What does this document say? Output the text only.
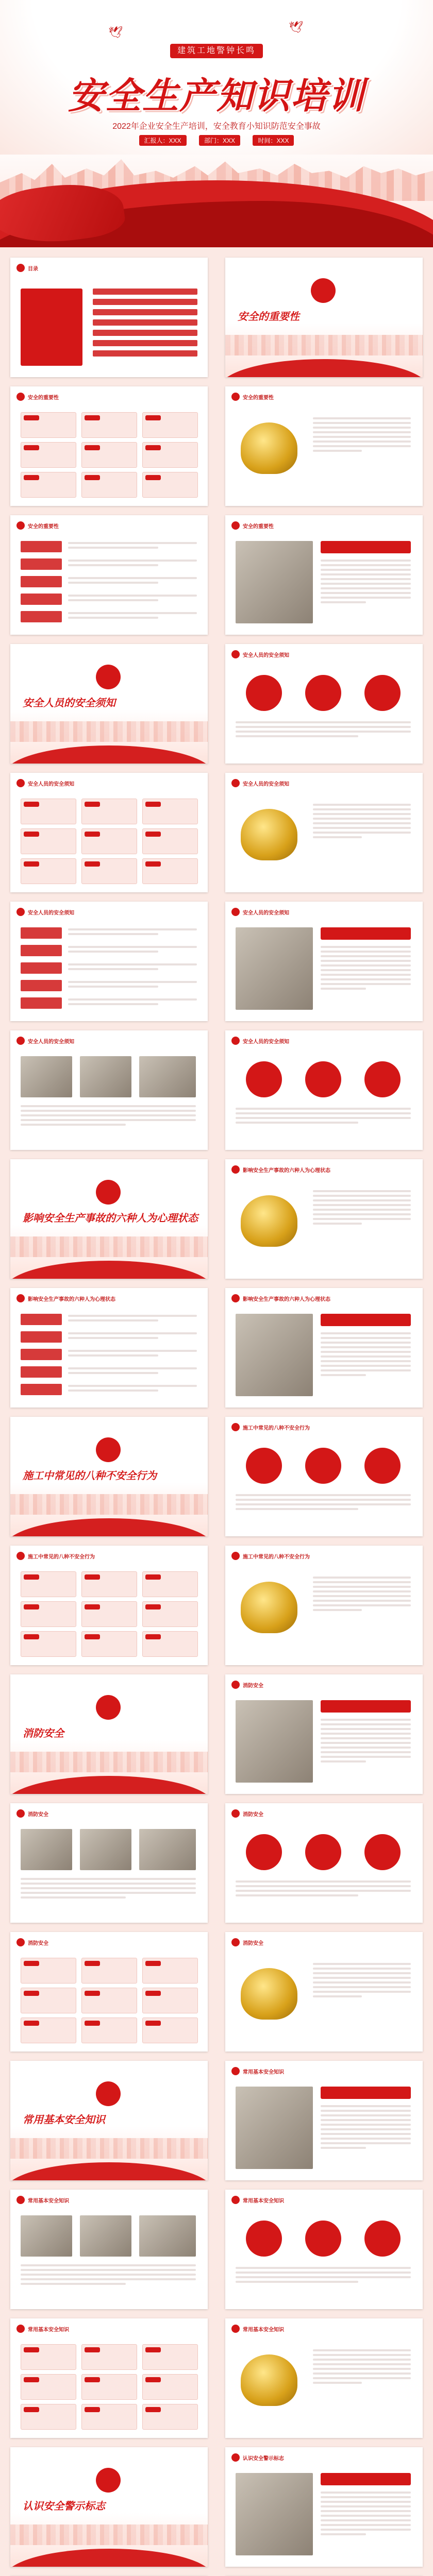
🕊	🕊
建筑工地警钟长鸣
安全生产知识培训
2022年企业安全生产培训，安全教育小知识防范安全事故
汇报人：XXX	部门：XXX	时间：XXX
目录
安全的重要性
安全的重要性	安全的重要性
安全的重要性	安全的重要性
安全人员的安全须知
安全人员的安全须知
安全人员的安全须知	安全人员的安全须知
安全人员的安全须知	安全人员的安全须知
安全人员的安全须知	安全人员的安全须知
影响安全生产事故的六种人为心理状态
影响安全生产事故的六种人为心理状态
影响安全生产事故的六种人为心理状态	影响安全生产事故的六种人为心理状态
施工中常见的八种不安全行为
施工中常见的八种不安全行为
施工中常见的八种不安全行为	施工中常见的八种不安全行为
消防安全
消防安全
消防安全	消防安全
消防安全	消防安全
常用基本安全知识
常用基本安全知识
常用基本安全知识	常用基本安全知识
常用基本安全知识	常用基本安全知识
认识安全警示标志
认识安全警示标志
